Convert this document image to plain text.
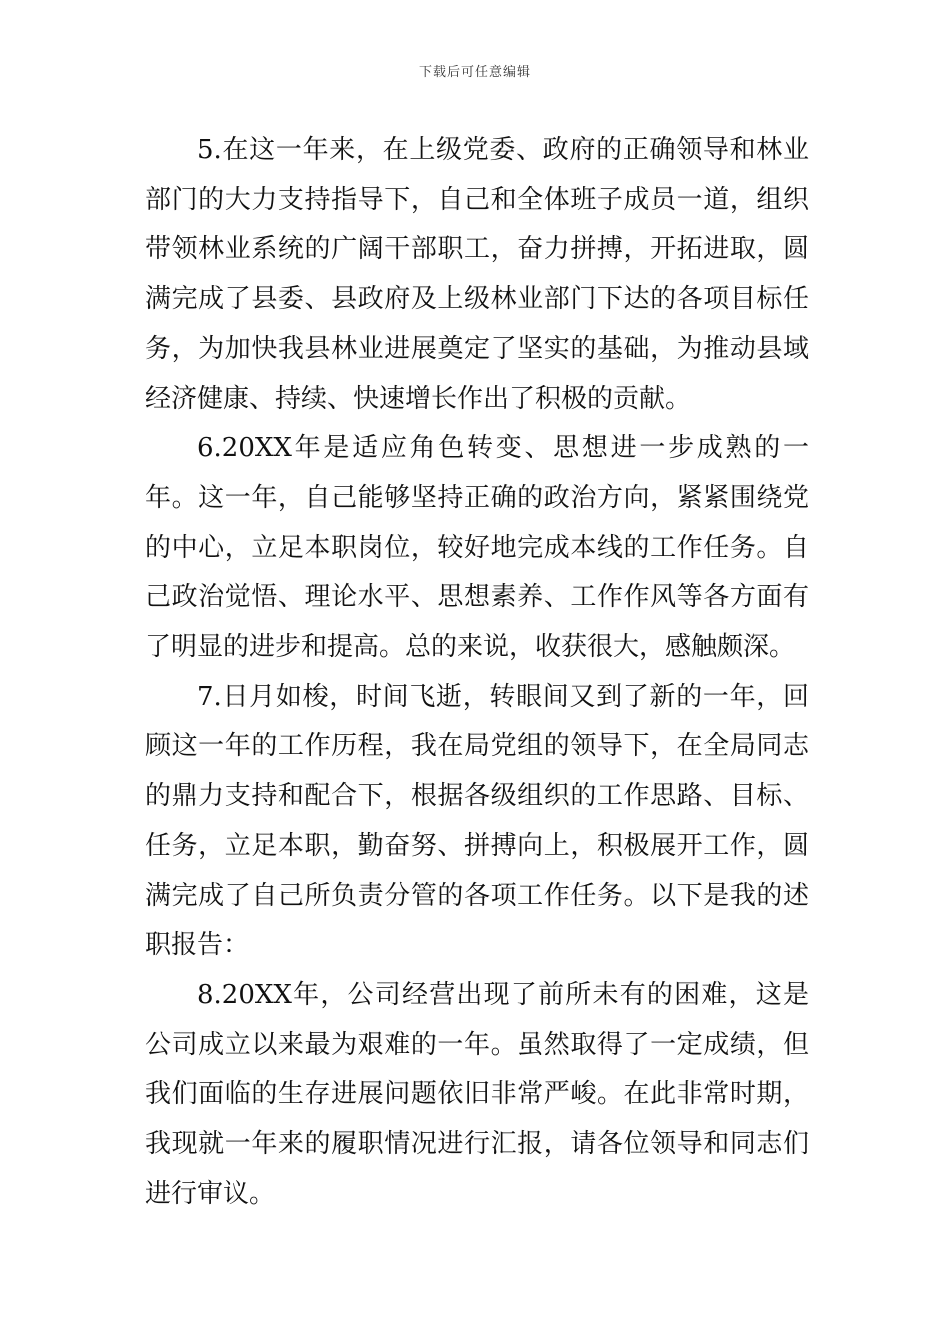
下载后可任意编辑

5.在这一年来，在上级党委、政府的正确领导和林业部门的大力支持指导下，自己和全体班子成员一道，组织带领林业系统的广阔干部职工，奋力拼搏，开拓进取，圆满完成了县委、县政府及上级林业部门下达的各项目标任务，为加快我县林业进展奠定了坚实的基础，为推动县域经济健康、持续、快速增长作出了积极的贡献。

6.20XX年是适应角色转变、思想进一步成熟的一年。这一年，自己能够坚持正确的政治方向，紧紧围绕党的中心，立足本职岗位，较好地完成本线的工作任务。自己政治觉悟、理论水平、思想素养、工作作风等各方面有了明显的进步和提高。总的来说，收获很大，感触颇深。

7.日月如梭，时间飞逝，转眼间又到了新的一年，回顾这一年的工作历程，我在局党组的领导下，在全局同志的鼎力支持和配合下，根据各级组织的工作思路、目标、任务，立足本职，勤奋努、拼搏向上，积极展开工作，圆满完成了自己所负责分管的各项工作任务。以下是我的述职报告：

8.20XX年，公司经营出现了前所未有的困难，这是公司成立以来最为艰难的一年。虽然取得了一定成绩，但我们面临的生存进展问题依旧非常严峻。在此非常时期，我现就一年来的履职情况进行汇报，请各位领导和同志们进行审议。
